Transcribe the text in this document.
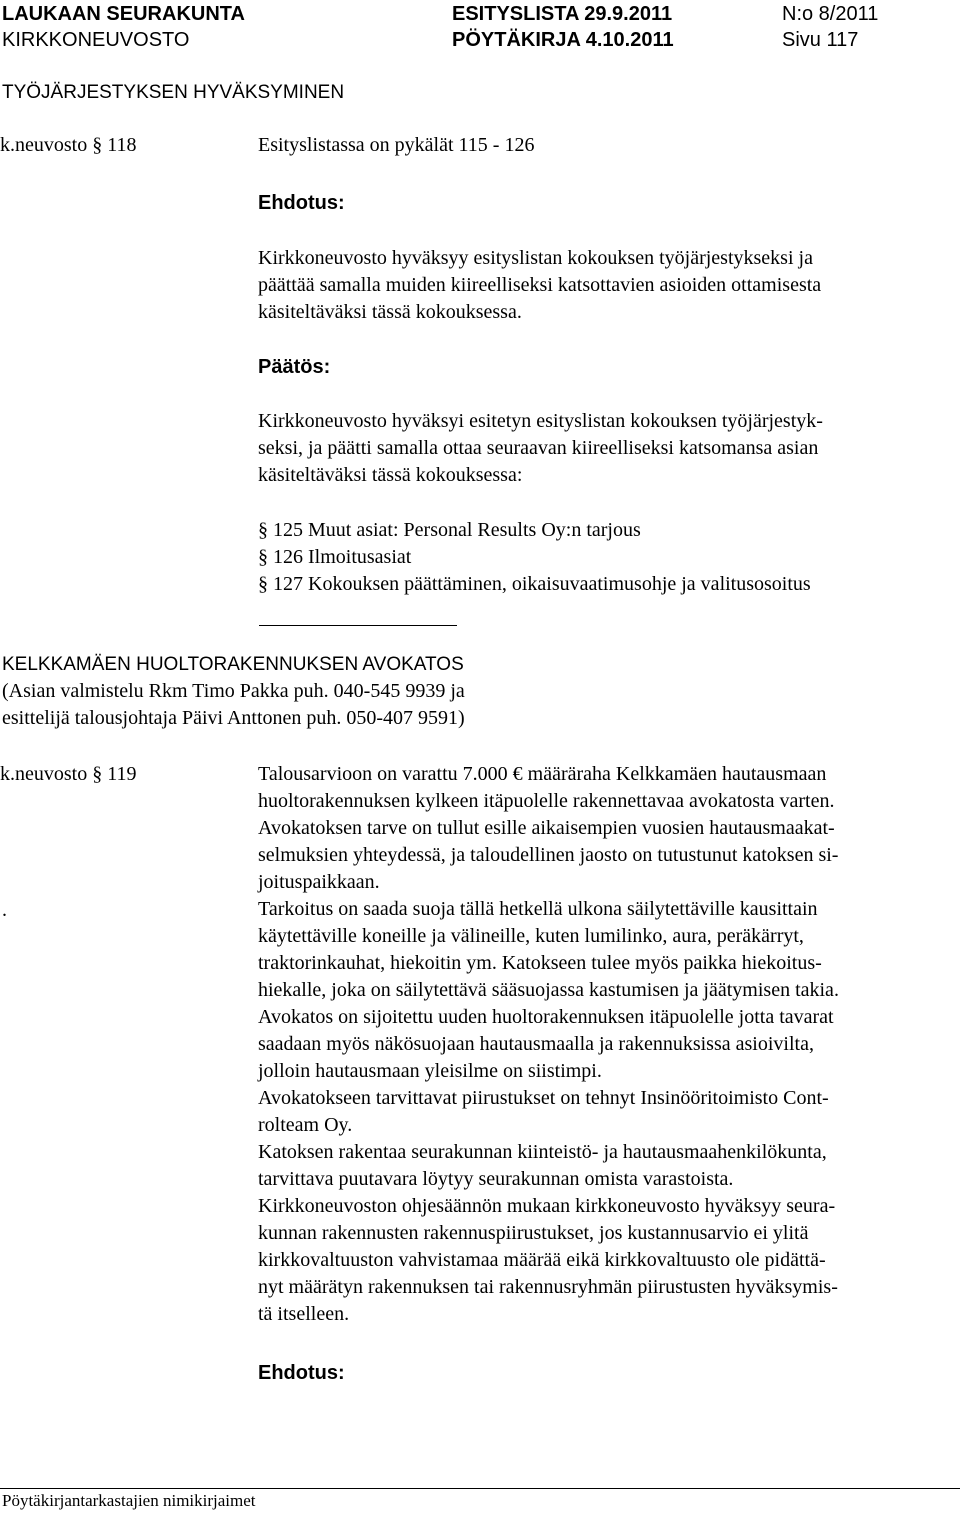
LAUKAAN SEURAKUNTA
KIRKKONEUVOSTO
ESITYSLISTA 29.9.2011
PÖYTÄKIRJA 4.10.2011
N:o 8/2011
Sivu 117
TYÖJÄRJESTYKSEN HYVÄKSYMINEN
k.neuvosto § 118	Esityslistassa on pykälät 115 - 126
Ehdotus:

Kirkkoneuvosto hyväksyy esityslistan kokouksen työjärjestykseksi ja

päättää samalla muiden kiireelliseksi katsottavien asioiden ottamisesta

käsiteltäväksi tässä kokouksessa.

Päätös:

Kirkkoneuvosto hyväksyi esitetyn esityslistan kokouksen työjärjestyk-

seksi, ja päätti samalla ottaa seuraavan kiireelliseksi katsomansa asian

käsiteltäväksi tässä kokouksessa:

§ 125 Muut asiat: Personal Results Oy:n tarjous

§ 126 Ilmoitusasiat

§ 127 Kokouksen päättäminen, oikaisuvaatimusohje ja valitusosoitus

KELKKAMÄEN HUOLTORAKENNUKSEN AVOKATOS
(Asian valmistelu Rkm Timo Pakka puh. 040-545 9939 ja
esittelijä talousjohtaja Päivi Anttonen puh. 050-407 9591)
k.neuvosto § 119
.

Talousarvioon on varattu 7.000 € määräraha Kelkkamäen hautausmaan

huoltorakennuksen kylkeen itäpuolelle rakennettavaa avokatosta varten.

Avokatoksen tarve on tullut esille aikaisempien vuosien hautausmaakat-

selmuksien yhteydessä, ja taloudellinen jaosto on tutustunut katoksen si-

joituspaikkaan.

Tarkoitus on saada suoja tällä hetkellä ulkona säilytettäville kausittain

käytettäville koneille ja välineille, kuten lumilinko, aura, peräkärryt,

traktorinkauhat, hiekoitin ym. Katokseen tulee myös paikka hiekoitus-

hiekalle, joka on säilytettävä sääsuojassa kastumisen ja jäätymisen takia.

Avokatos on sijoitettu uuden huoltorakennuksen itäpuolelle jotta tavarat

saadaan myös näkösuojaan hautausmaalla ja rakennuksissa asioivilta,

jolloin hautausmaan yleisilme on siistimpi.

Avokatokseen tarvittavat piirustukset on tehnyt Insinööritoimisto Cont-

rolteam Oy.

Katoksen rakentaa seurakunnan kiinteistö- ja hautausmaahenkilökunta,

tarvittava puutavara löytyy seurakunnan omista varastoista.

Kirkkoneuvoston ohjesäännön mukaan kirkkoneuvosto hyväksyy seura-

kunnan rakennusten rakennuspiirustukset, jos kustannusarvio ei ylitä

kirkkovaltuuston vahvistamaa määrää eikä kirkkovaltuusto ole pidättä-

nyt määrätyn rakennuksen tai rakennusryhmän piirustusten hyväksymis-

tä itselleen.

Ehdotus:
Pöytäkirjantarkastajien nimikirjaimet
